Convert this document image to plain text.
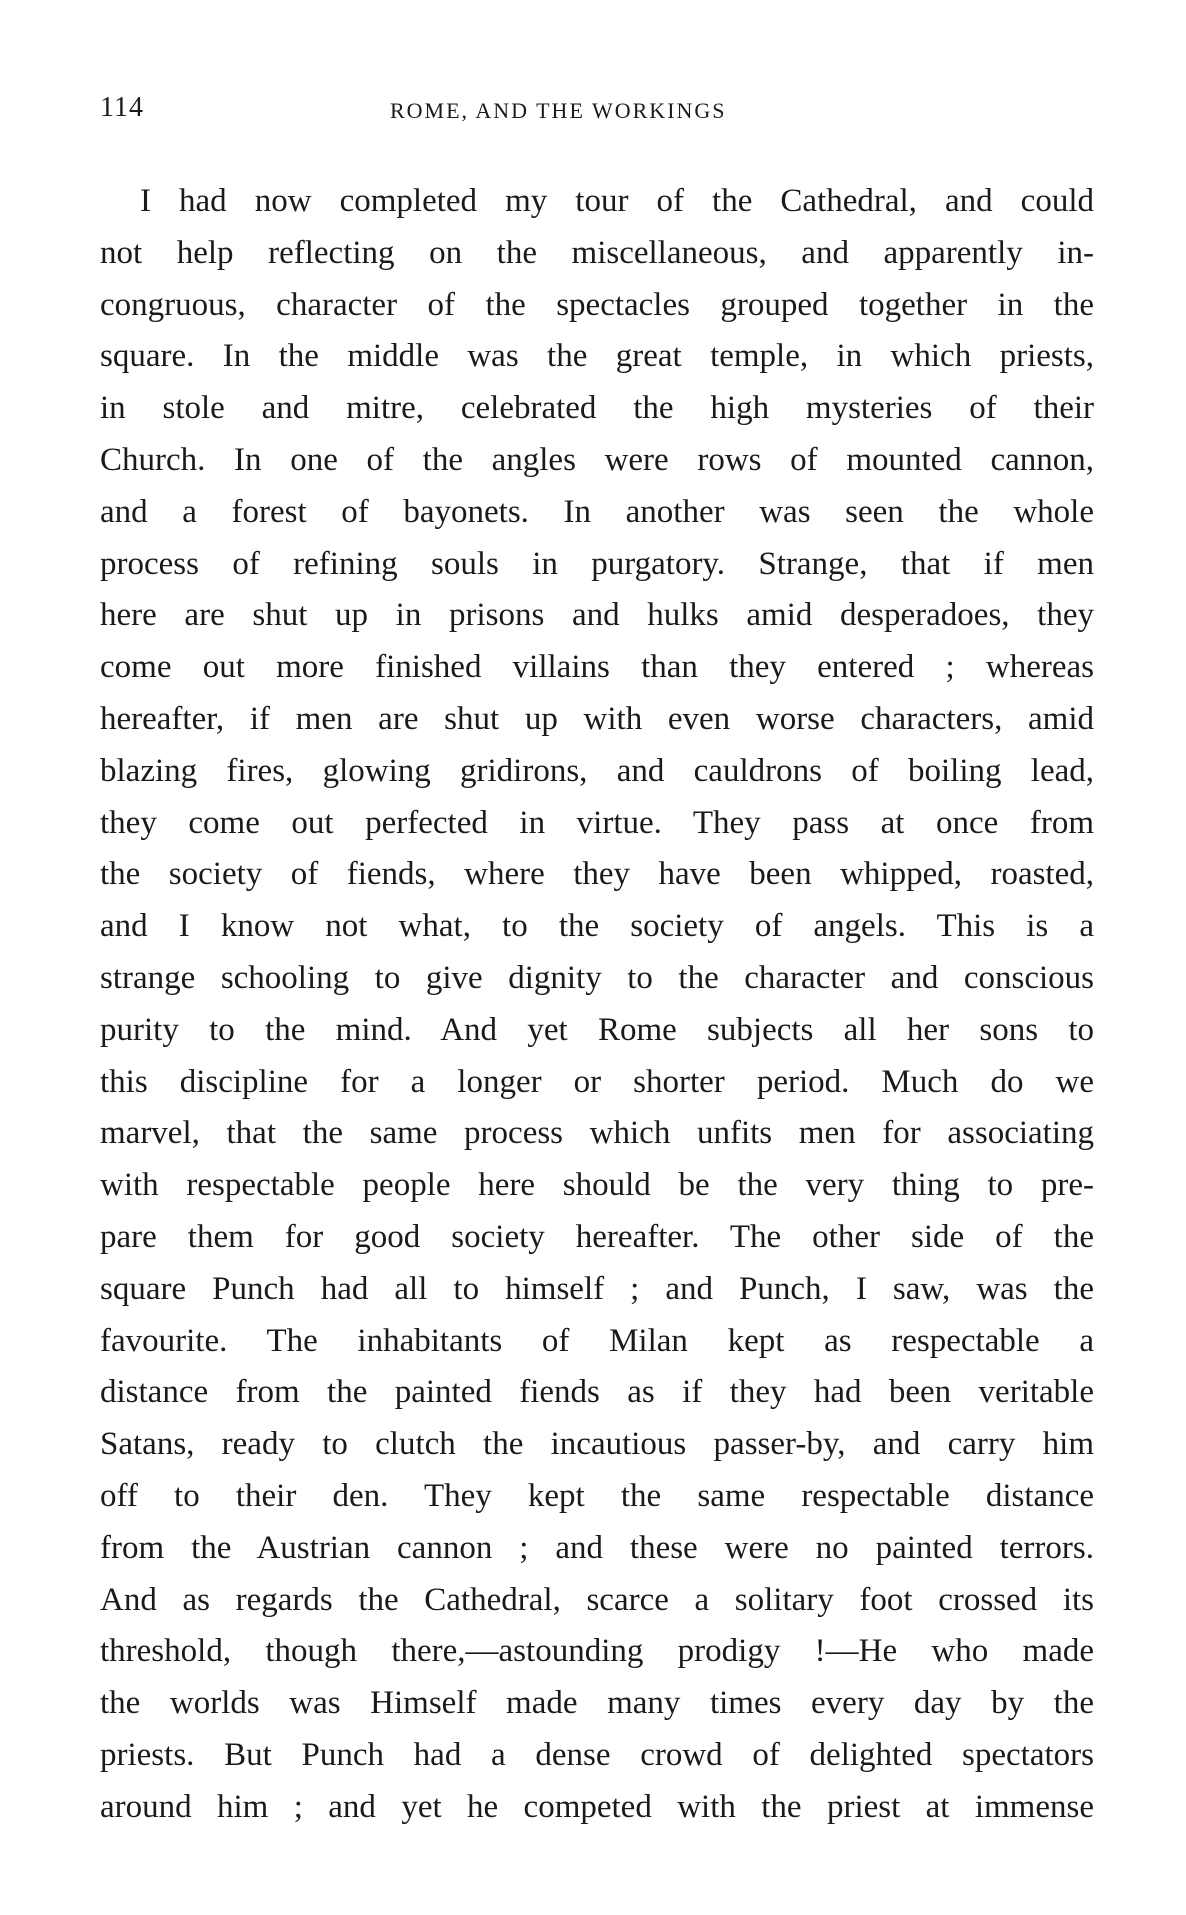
114	ROME, AND THE WORKINGS
I had now completed my tour of the Cathedral, and could
not help reflecting on the miscellaneous, and apparently in-
congruous, character of the spectacles grouped together in the
square. In the middle was the great temple, in which priests,
in stole and mitre, celebrated the high mysteries of their
Church. In one of the angles were rows of mounted cannon,
and a forest of bayonets. In another was seen the whole
process of refining souls in purgatory. Strange, that if men
here are shut up in prisons and hulks amid desperadoes, they
come out more finished villains than they entered ; whereas
hereafter, if men are shut up with even worse characters, amid
blazing fires, glowing gridirons, and cauldrons of boiling lead,
they come out perfected in virtue. They pass at once from
the society of fiends, where they have been whipped, roasted,
and I know not what, to the society of angels. This is a
strange schooling to give dignity to the character and conscious
purity to the mind. And yet Rome subjects all her sons to
this discipline for a longer or shorter period. Much do we
marvel, that the same process which unfits men for associating
with respectable people here should be the very thing to pre-
pare them for good society hereafter. The other side of the
square Punch had all to himself ; and Punch, I saw, was the
favourite. The inhabitants of Milan kept as respectable a
distance from the painted fiends as if they had been veritable
Satans, ready to clutch the incautious passer-by, and carry him
off to their den. They kept the same respectable distance
from the Austrian cannon ; and these were no painted terrors.
And as regards the Cathedral, scarce a solitary foot crossed its
threshold, though there,—astounding prodigy !—He who made
the worlds was Himself made many times every day by the
priests. But Punch had a dense crowd of delighted spectators
around him ; and yet he competed with the priest at immense
